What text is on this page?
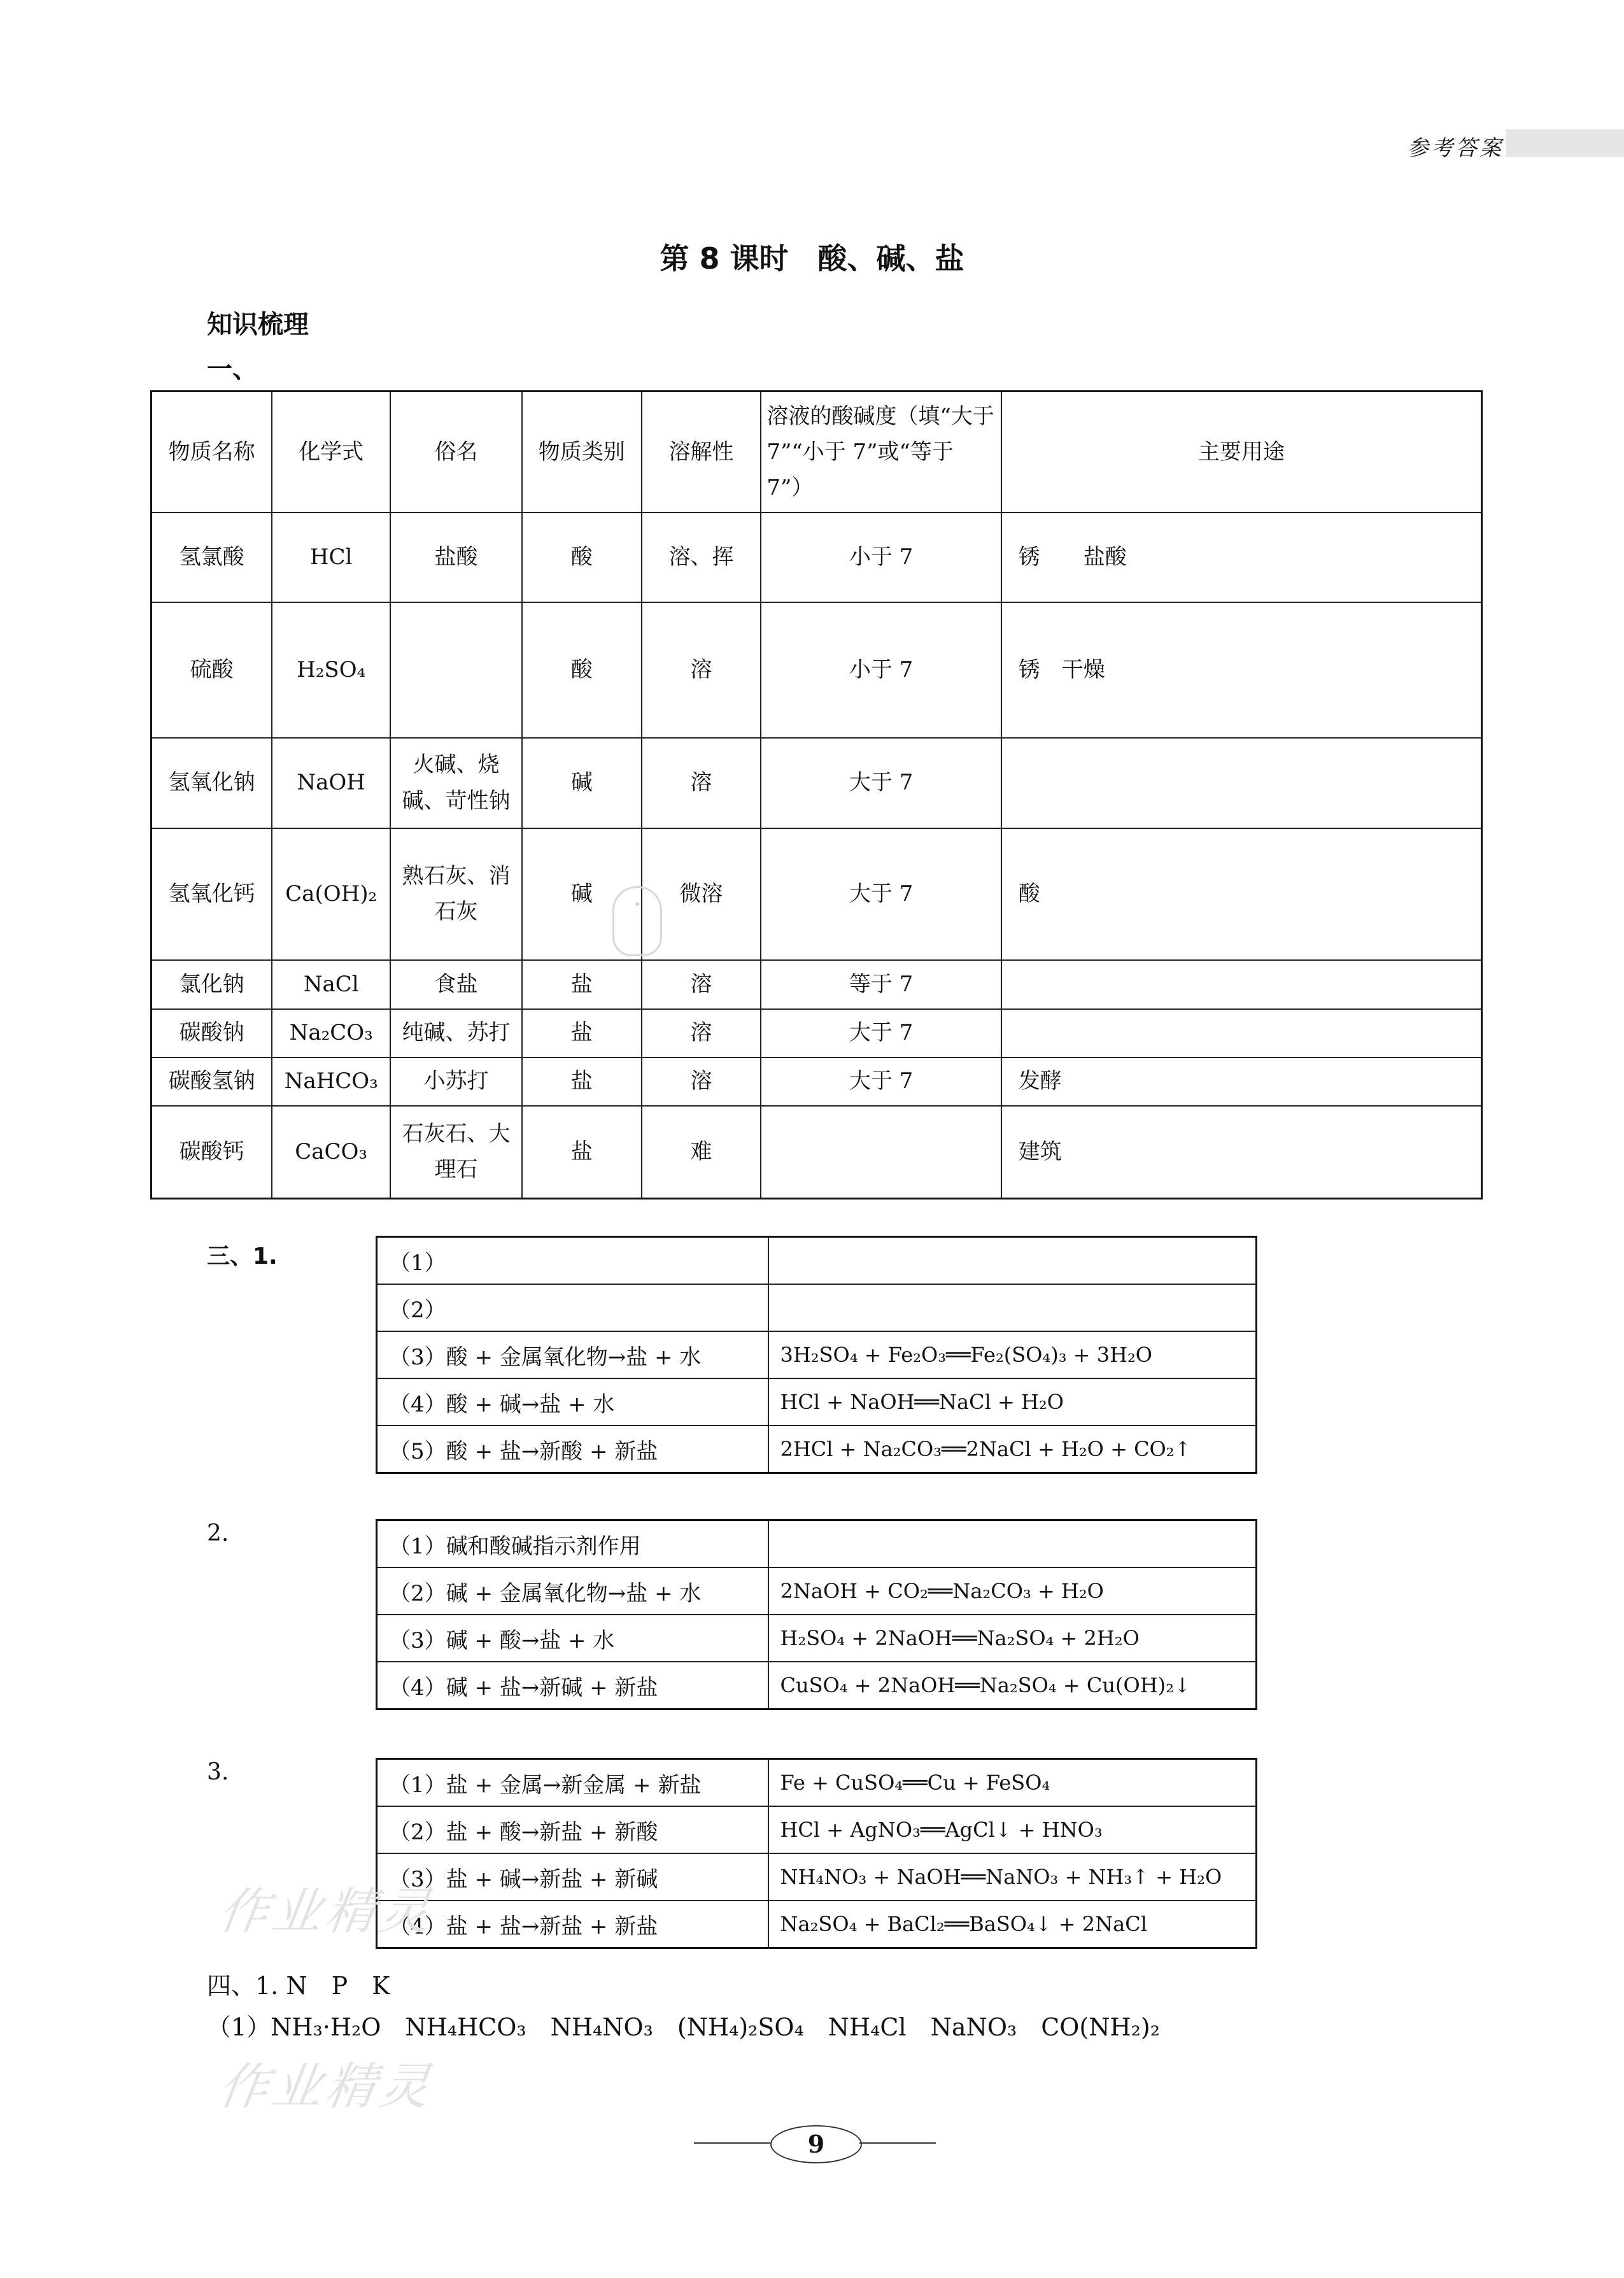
参考答案
第 8 课时　酸、碱、盐
知识梳理
一、
物质名称	化学式	俗名	物质类别	溶解性	溶液的酸碱度（填“大于 7”“小于 7”或“等于 7”）	主要用途
氢氯酸	HCl	盐酸	酸	溶、挥	小于 7	锈　　盐酸
硫酸	H₂SO₄		酸	溶	小于 7	锈　干燥
氢氧化钠	NaOH	火碱、烧碱、苛性钠	碱	溶	大于 7	
氢氧化钙	Ca(OH)₂	熟石灰、消石灰	碱	微溶	大于 7	酸
氯化钠	NaCl	食盐	盐	溶	等于 7	
碳酸钠	Na₂CO₃	纯碱、苏打	盐	溶	大于 7	
碳酸氢钠	NaHCO₃	小苏打	盐	溶	大于 7	发酵
碳酸钙	CaCO₃	石灰石、大理石	盐	难		建筑
✦
三、1.	（1）	
（2）	
（3）酸 + 金属氧化物→盐 + 水	3H₂SO₄ + Fe₂O₃══Fe₂(SO₄)₃ + 3H₂O
（4）酸 + 碱→盐 + 水	HCl + NaOH══NaCl + H₂O
（5）酸 + 盐→新酸 + 新盐	2HCl + Na₂CO₃══2NaCl + H₂O + CO₂↑
2.	（1）碱和酸碱指示剂作用	
（2）碱 + 金属氧化物→盐 + 水	2NaOH + CO₂══Na₂CO₃ + H₂O
（3）碱 + 酸→盐 + 水	H₂SO₄ + 2NaOH══Na₂SO₄ + 2H₂O
（4）碱 + 盐→新碱 + 新盐	CuSO₄ + 2NaOH══Na₂SO₄ + Cu(OH)₂↓
3.	（1）盐 + 金属→新金属 + 新盐	Fe + CuSO₄══Cu + FeSO₄
（2）盐 + 酸→新盐 + 新酸	HCl + AgNO₃══AgCl↓ + HNO₃
（3）盐 + 碱→新盐 + 新碱	NH₄NO₃ + NaOH══NaNO₃ + NH₃↑ + H₂O
（4）盐 + 盐→新盐 + 新盐	Na₂SO₄ + BaCl₂══BaSO₄↓ + 2NaCl
作业精灵
作业精灵
四、1. N　P　K
（1）NH₃·H₂O　NH₄HCO₃　NH₄NO₃　(NH₄)₂SO₄　NH₄Cl　NaNO₃　CO(NH₂)₂
9
